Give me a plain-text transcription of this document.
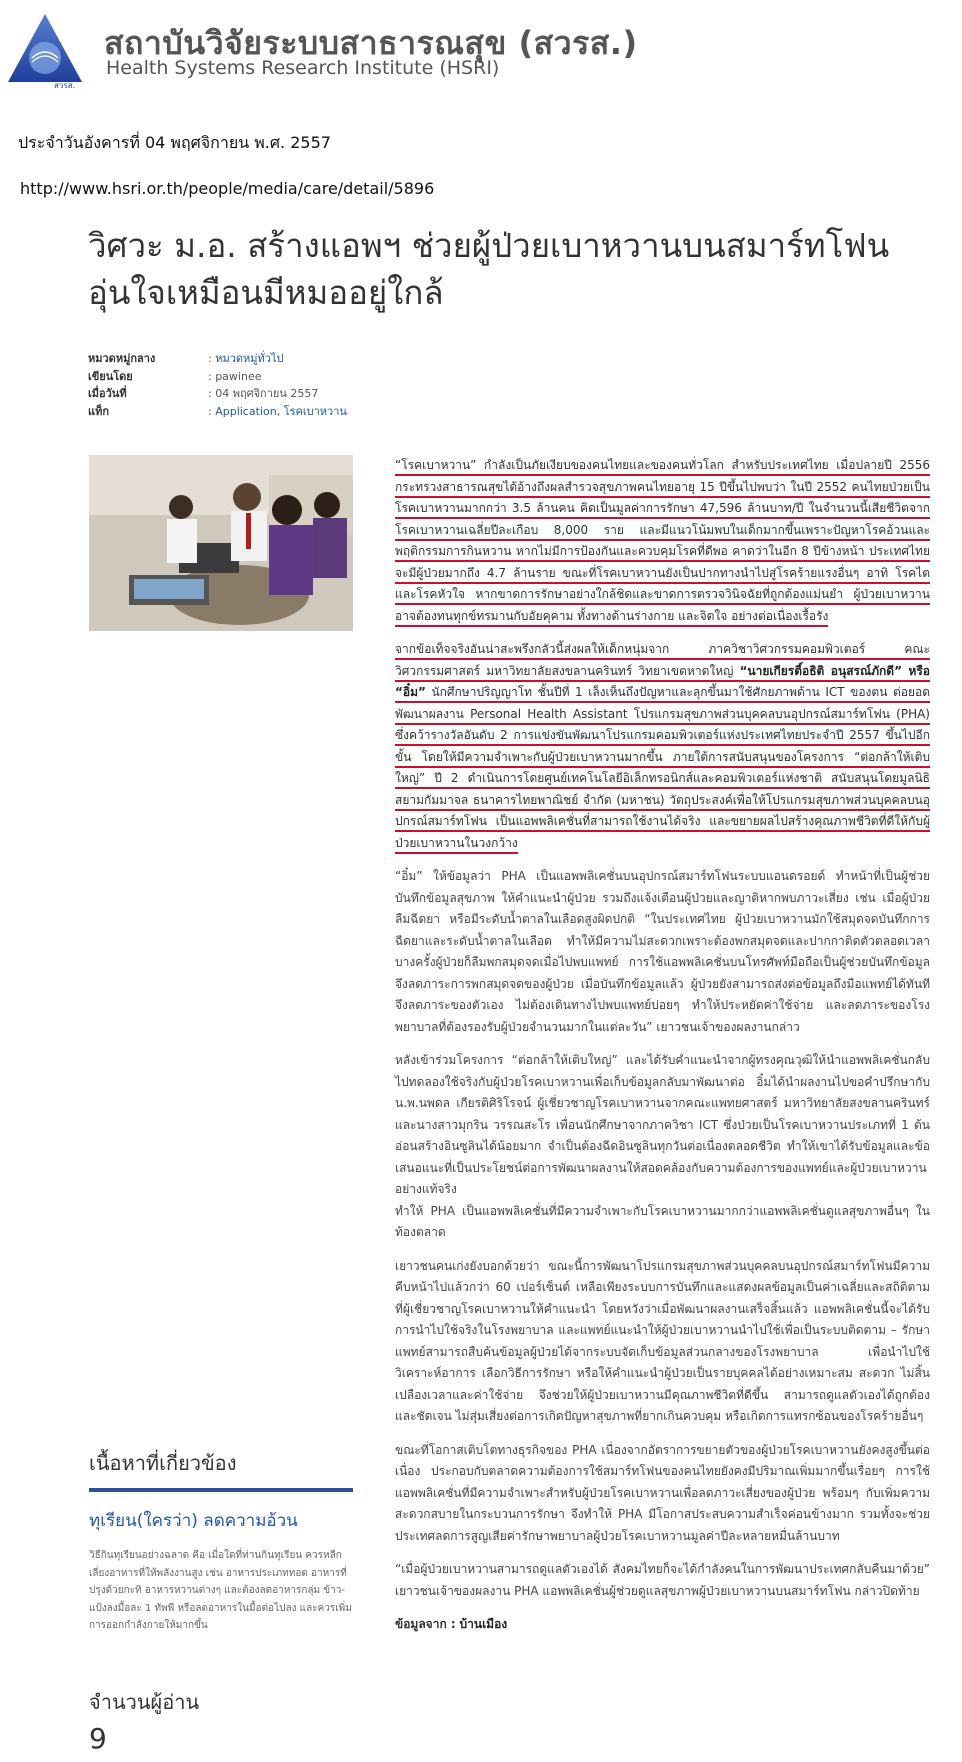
สวรส.
สถาบันวิจัยระบบสาธารณสุข (สวรส.)
Health Systems Research Institute (HSRI)
ประจำวันอังคารที่ 04 พฤศจิกายน พ.ศ. 2557
http://www.hsri.or.th/people/media/care/detail/5896
วิศวะ ม.อ. สร้างแอพฯ ช่วยผู้ป่วยเบาหวานบนสมาร์ทโฟน
อุ่นใจเหมือนมีหมออยู่ใกล้
หมวดหมู่กลาง	: หมวดหมู่ทั่วไป
เขียนโดย	: pawinee
เมื่อวันที่	: 04 พฤศจิกายน 2557
แท็ก	: Application, โรคเบาหวาน

“โรคเบาหวาน” กำลังเป็นภัยเงียบของคนไทยและของคนทั่วโลก สำหรับประเทศไทย เมื่อปลายปี 2556 กระทรวงสาธารณสุขได้อ้างถึงผลสำรวจสุขภาพคนไทยอายุ 15 ปีขึ้นไปพบว่า ในปี 2552 คนไทยป่วยเป็นโรคเบาหวานมากกว่า 3.5 ล้านคน คิดเป็นมูลค่าการรักษา 47,596 ล้านบาท/ปี ในจำนวนนี้เสียชีวิตจากโรคเบาหวานเฉลี่ยปีละเกือบ 8,000 ราย และมีแนวโน้มพบในเด็กมากขึ้นเพราะปัญหาโรคอ้วนและพฤติกรรมการกินหวาน หากไม่มีการป้องกันและควบคุมโรคที่ดีพอ คาดว่าในอีก 8 ปีข้างหน้า ประเทศไทยจะมีผู้ป่วยมากถึง 4.7 ล้านราย ขณะที่โรคเบาหวานยังเป็นปากทางนำไปสู่โรคร้ายแรงอื่นๆ อาทิ โรคไต และโรคหัวใจ หากขาดการรักษาอย่างใกล้ชิดและขาดการตรวจวินิจฉัยที่ถูกต้องแม่นยำ ผู้ป่วยเบาหวานอาจต้องทนทุกข์ทรมานกับอัยคุคาม ทั้งทางด้านร่างกาย และจิตใจ อย่างต่อเนื่องเรื้อรัง

จากข้อเท็จจริงอันน่าสะพรึงกลัวนี้ส่งผลให้เด็กหนุ่มจาก ภาควิชาวิศวกรรมคอมพิวเตอร์ คณะวิศวกรรมศาสตร์ มหาวิทยาลัยสงขลานครินทร์ วิทยาเขตหาดใหญ่ “นายเกียรติ์อธิติ อนุสรณ์ภักดี” หรือ “อิ๋ม” นักศึกษาปริญญาโท ชั้นปีที่ 1 เล็งเห็นถึงปัญหาและลุกขึ้นมาใช้ศักยภาพด้าน ICT ของตน ต่อยอดพัฒนาผลงาน Personal Health Assistant โปรแกรมสุขภาพส่วนบุคคลบนอุปกรณ์สมาร์ทโฟน (PHA) ซึ่งคว้ารางวัลอันดับ 2 การแข่งขันพัฒนาโปรแกรมคอมพิวเตอร์แห่งประเทศไทยประจำปี 2557 ขึ้นไปอีกขั้น โดยให้มีความจำเพาะกับผู้ป่วยเบาหวานมากขึ้น ภายใต้การสนับสนุนของโครงการ “ต่อกล้าให้เติบใหญ่” ปี 2 ดำเนินการโดยศูนย์เทคโนโลยีอิเล็กทรอนิกส์และคอมพิวเตอร์แห่งชาติ สนับสนุนโดยมูลนิธิสยามกัมมาจล ธนาคารไทยพาณิชย์ จำกัด (มหาชน) วัตถุประสงค์เพื่อให้โปรแกรมสุขภาพส่วนบุคคลบนอุปกรณ์สมาร์ทโฟน เป็นแอพพลิเคชั่นที่สามารถใช้งานได้จริง และขยายผลไปสร้างคุณภาพชีวิตที่ดีให้กับผู้ป่วยเบาหวานในวงกว้าง

“อิ๋ม” ให้ข้อมูลว่า PHA เป็นแอพพลิเคชั่นบนอุปกรณ์สมาร์ทโฟนระบบแอนดรอยด์ ทำหน้าที่เป็นผู้ช่วยบันทึกข้อมูลสุขภาพ ให้คำแนะนำผู้ป่วย รวมถึงแจ้งเตือนผู้ป่วยและญาติหากพบภาวะเสี่ยง เช่น เมื่อผู้ป่วยลืมฉีดยา หรือมีระดับน้ำตาลในเลือดสูงผิดปกติ “ในประเทศไทย ผู้ป่วยเบาหวานมักใช้สมุดจดบันทึกการฉีดยาและระดับน้ำตาลในเลือด ทำให้มีความไม่สะดวกเพราะต้องพกสมุดจดและปากกาติดตัวตลอดเวลา บางครั้งผู้ป่วยก็ลืมพกสมุดจดเมื่อไปพบแพทย์ การใช้แอพพลิเคชั่นบนโทรศัพท์มือถือเป็นผู้ช่วยบันทึกข้อมูลจึงลดภาระการพกสมุดจดของผู้ป่วย เมื่อบันทึกข้อมูลแล้ว ผู้ป่วยยังสามารถส่งต่อข้อมูลถึงมือแพทย์ได้ทันที จึงลดภาระของตัวเอง ไม่ต้องเดินทางไปพบแพทย์บ่อยๆ ทำให้ประหยัดค่าใช้จ่าย และลดภาระของโรงพยาบาลที่ต้องรองรับผู้ป่วยจำนวนมากในแต่ละวัน” เยาวชนเจ้าของผลงานกล่าว

หลังเข้าร่วมโครงการ “ต่อกล้าให้เติบใหญ่” และได้รับคำแนะนำจากผู้ทรงคุณวุฒิให้นำแอพพลิเคชั่นกลับไปทดลองใช้จริงกับผู้ป่วยโรคเบาหวานเพื่อเก็บข้อมูลกลับมาพัฒนาต่อ อิ๋มได้นำผลงานไปขอคำปรึกษากับ น.พ.นพดล เกียรติศิริโรจน์ ผู้เชี่ยวชาญโรคเบาหวานจากคณะแพทยศาสตร์ มหาวิทยาลัยสงขลานครินทร์ และนางสาวมุกริน วรรณสะโร เพื่อนนักศึกษาจากภาควิชา ICT ซึ่งป่วยเป็นโรคเบาหวานประเภทที่ 1 ต้นอ่อนสร้างอินซูลินได้น้อยมาก จำเป็นต้องฉีดอินซูลินทุกวันต่อเนื่องตลอดชีวิต ทำให้เขาได้รับข้อมูลและข้อเสนอแนะที่เป็นประโยชน์ต่อการพัฒนาผลงานให้สอดคล้องกับความต้องการของแพทย์และผู้ป่วยเบาหวานอย่างแท้จริง
ทำให้ PHA เป็นแอพพลิเคชั่นที่มีความจำเพาะกับโรคเบาหวานมากกว่าแอพพลิเคชั่นดูแลสุขภาพอื่นๆ ในท้องตลาด

เยาวชนคนเก่งยังบอกด้วยว่า ขณะนี้การพัฒนาโปรแกรมสุขภาพส่วนบุคคลบนอุปกรณ์สมาร์ทโฟนมีความคืบหน้าไปแล้วกว่า 60 เปอร์เซ็นต์ เหลือเพียงระบบการบันทึกและแสดงผลข้อมูลเป็นค่าเฉลี่ยและสถิติตามที่ผู้เชี่ยวชาญโรคเบาหวานให้คำแนะนำ โดยหวังว่าเมื่อพัฒนาผลงานเสร็จสิ้นแล้ว แอพพลิเคชั่นนี้จะได้รับการนำไปใช้จริงในโรงพยาบาล และแพทย์แนะนำให้ผู้ป่วยเบาหวานนำไปใช้เพื่อเป็นระบบติดตาม – รักษา แพทย์สามารถสืบค้นข้อมูลผู้ป่วยได้จากระบบจัดเก็บข้อมูลส่วนกลางของโรงพยาบาล เพื่อนำไปใช้วิเคราะห์อาการ เลือกวิธีการรักษา หรือให้คำแนะนำผู้ป่วยเป็นรายบุคคลได้อย่างเหมาะสม สะดวก ไม่สิ้นเปลืองเวลาและค่าใช้จ่าย จึงช่วยให้ผู้ป่วยเบาหวานมีคุณภาพชีวิตที่ดีขึ้น สามารถดูแลตัวเองได้ถูกต้อง และชัดเจน ไม่สุ่มเสี่ยงต่อการเกิดปัญหาสุขภาพที่ยากเกินควบคุม หรือเกิดการแทรกซ้อนของโรคร้ายอื่นๆ

ขณะที่โอกาสเติบโตทางธุรกิจของ PHA เนื่องจากอัตราการขยายตัวของผู้ป่วยโรคเบาหวานยังคงสูงขึ้นต่อเนื่อง ประกอบกับตลาดความต้องการใช้สมาร์ทโฟนของคนไทยยังคงมีปริมาณเพิ่มมากขึ้นเรื่อยๆ การใช้แอพพลิเคชั่นที่มีความจำเพาะสำหรับผู้ป่วยโรคเบาหวานเพื่อลดภาวะเสี่ยงของผู้ป่วย พร้อมๆ กับเพิ่มความสะดวกสบายในกระบวนการรักษา จึงทำให้ PHA มีโอกาสประสบความสำเร็จค่อนข้างมาก รวมทั้งจะช่วยประเทศลดการสูญเสียค่ารักษาพยาบาลผู้ป่วยโรคเบาหวานมูลค่าปีละหลายหมื่นล้านบาท

“เมื่อผู้ป่วยเบาหวานสามารถดูแลตัวเองได้ สังคมไทยก็จะได้กำลังคนในการพัฒนาประเทศกลับคืนมาด้วย” เยาวชนเจ้าของผลงาน PHA แอพพลิเคชั่นผู้ช่วยดูแลสุขภาพผู้ป่วยเบาหวานบนสมาร์ทโฟน กล่าวปิดท้าย

ข้อมูลจาก : บ้านเมือง

เนื้อหาที่เกี่ยวข้อง
ทุเรียน(ใครว่า) ลดความอ้วน
วิธีกินทุเรียนอย่างฉลาด คือ เมื่อใดที่ท่านกินทุเรียน ควรหลีกเลี่ยงอาหารที่ให้พลังงานสูง เช่น อาหารประเภททอด อาหารที่ปรุงด้วยกะทิ อาหารหวานต่างๆ และต้องลดอาหารกลุ่ม ข้าว-แป้งลงมื้อละ 1 ทัพพี หรือลดอาหารในมื้อต่อไปลง และควรเพิ่มการออกกำลังกายให้มากขึ้น
จำนวนผู้อ่าน
9
